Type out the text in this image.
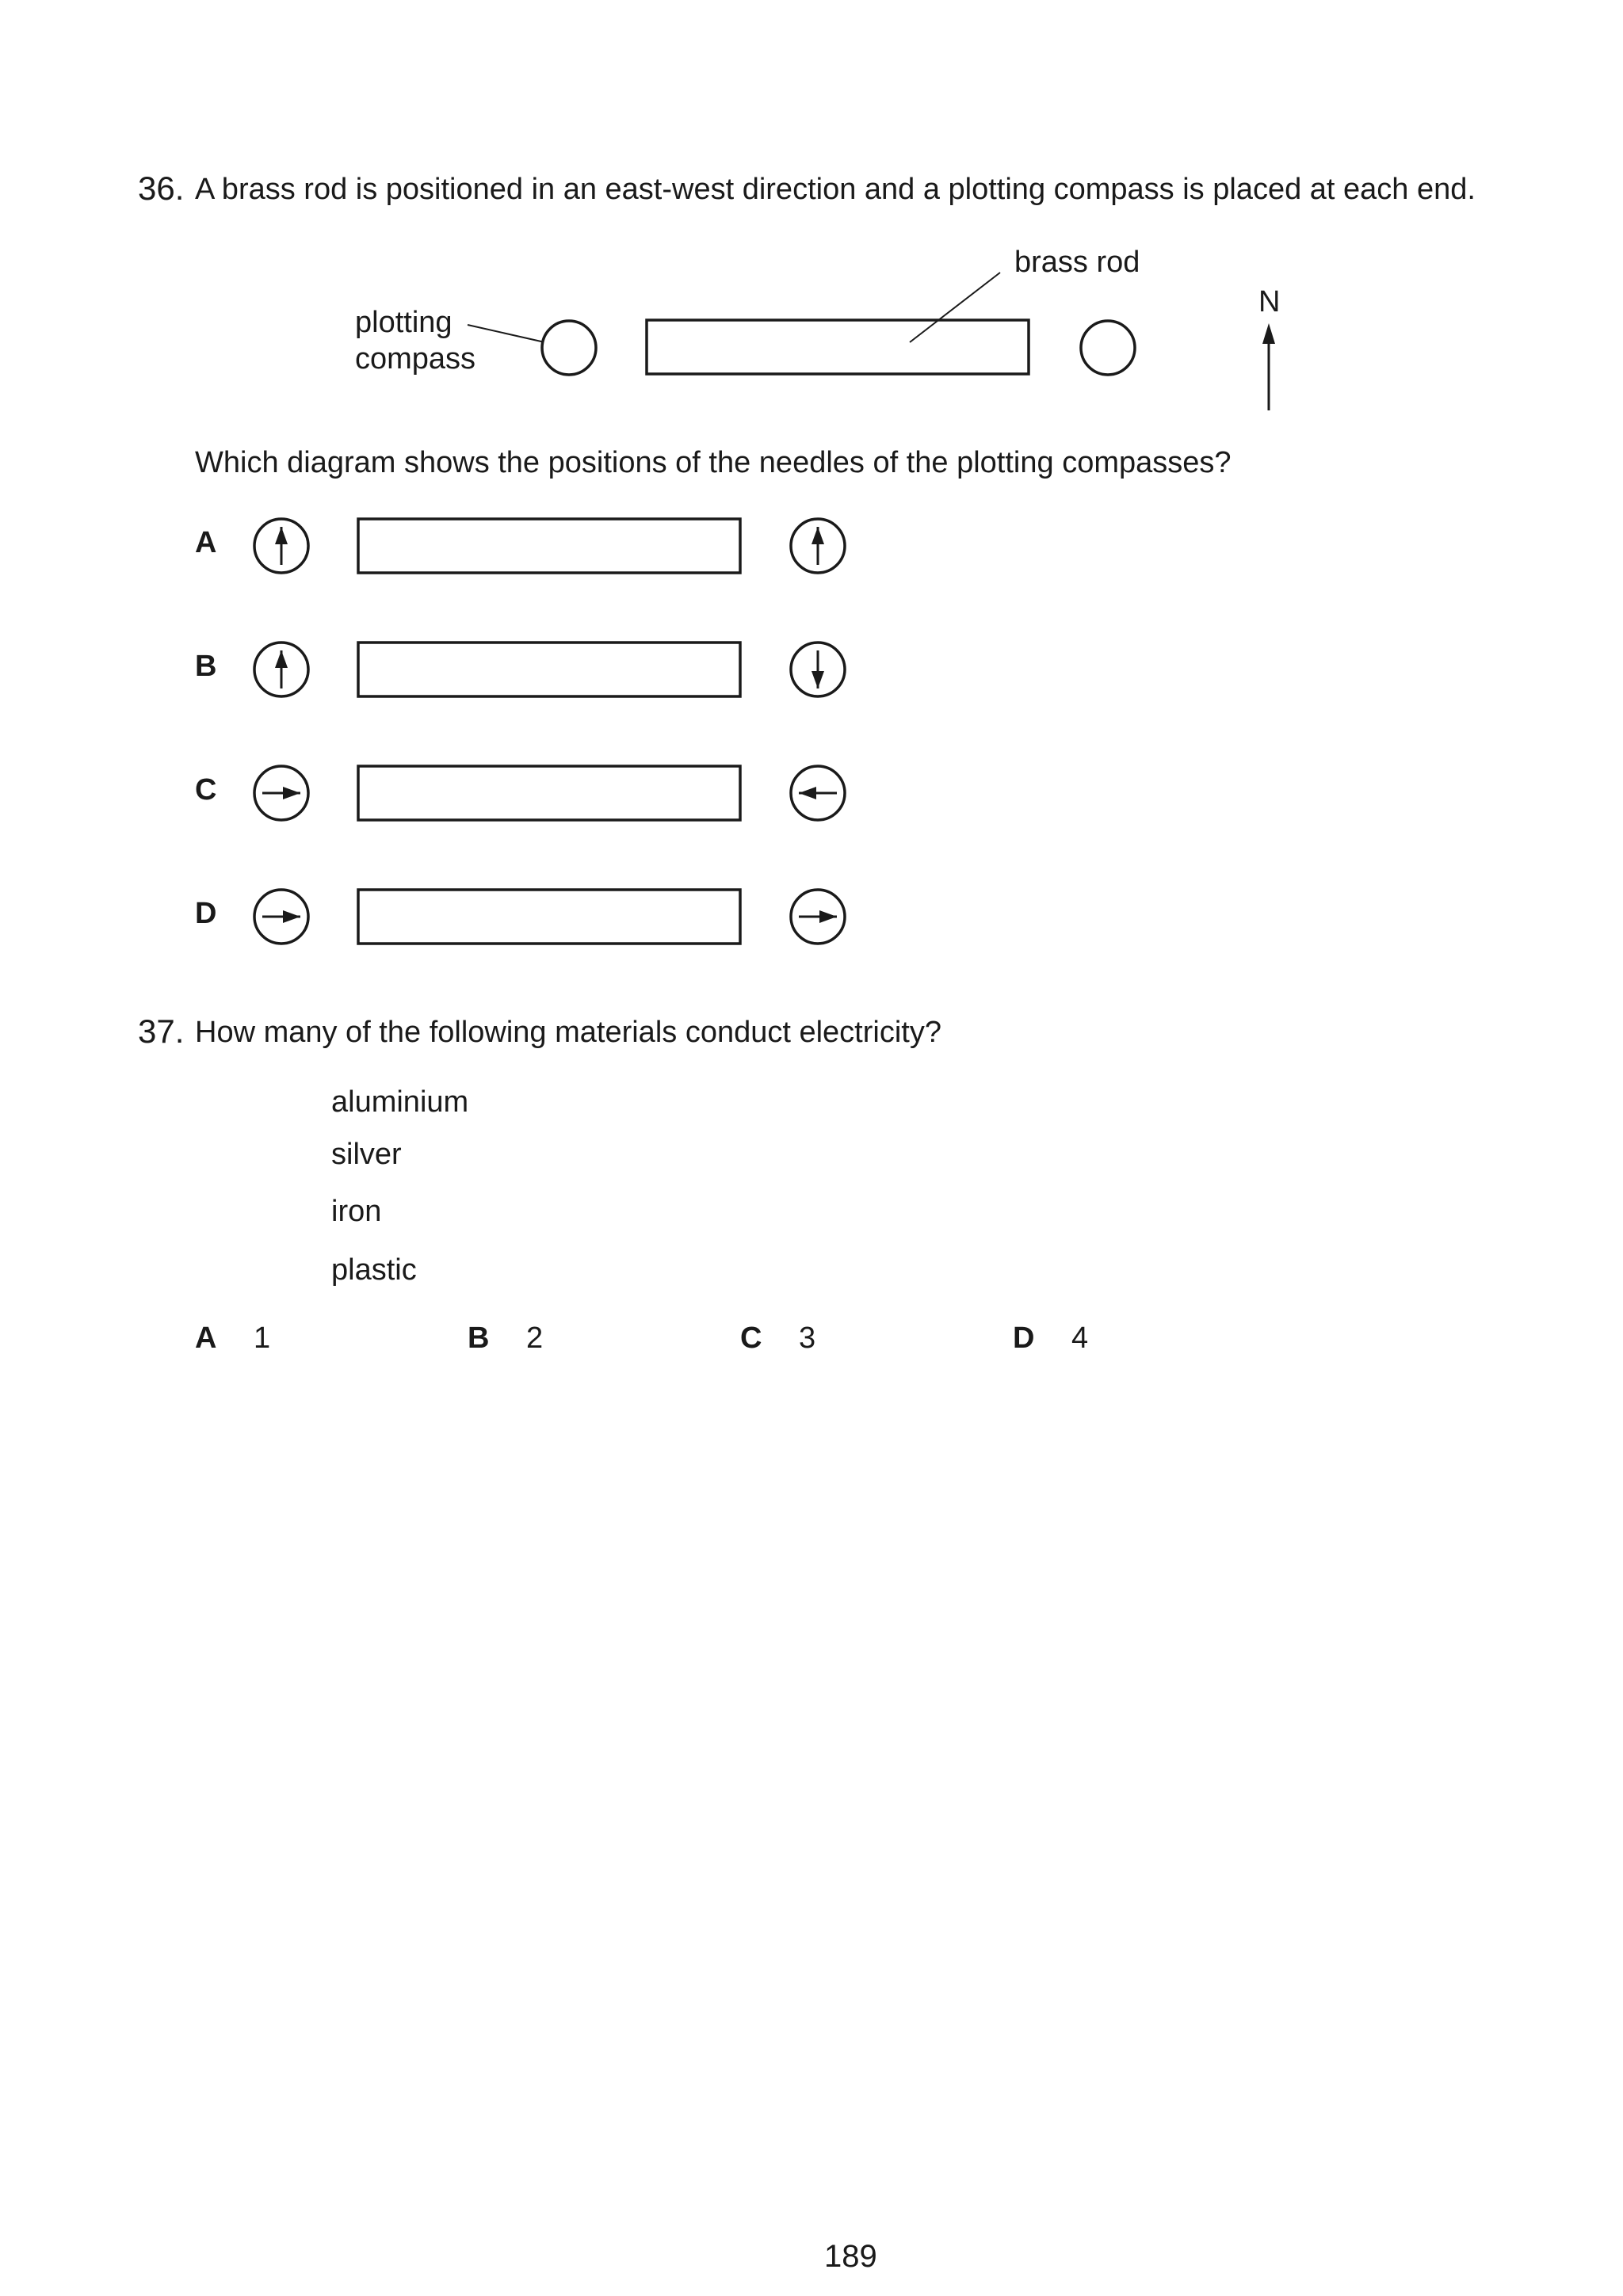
36. A brass rod is positioned in an east-west direction and a plotting compass is placed at each end.
brass rod
plotting
compass
N
Which diagram shows the positions of the needles of the plotting compasses?
A
B
C
D
37. How many of the following materials conduct electricity?
aluminium
silver
iron
plastic
A 1	B 2	C 3	D 4
189
